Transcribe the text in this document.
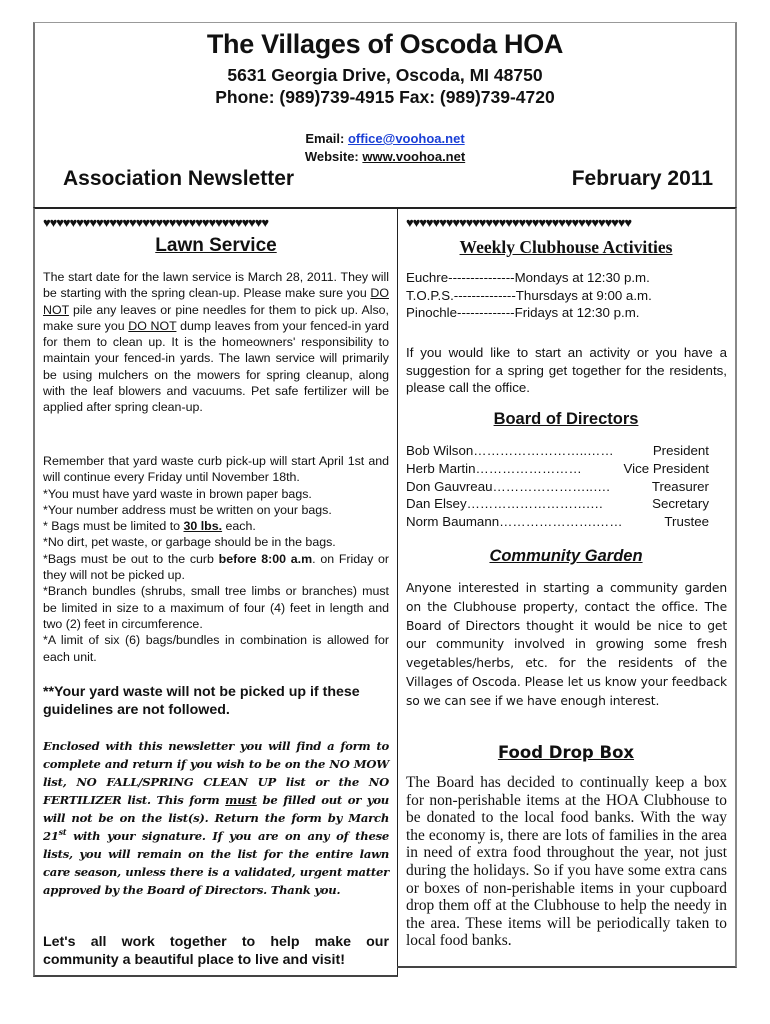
The Villages of Oscoda HOA
5631 Georgia Drive, Oscoda, MI 48750
Phone: (989)739-4915 Fax: (989)739-4720
Email: office@voohoa.net
Website: www.voohoa.net
Association Newsletter	February 2011
♥♥♥♥♥♥♥♥♥♥♥♥♥♥♥♥♥♥♥♥♥♥♥♥♥♥♥♥♥♥♥♥♥♥
Lawn Service
The start date for the lawn service is March 28, 2011. They will be starting with the spring clean-up. Please make sure you DO NOT pile any leaves or pine needles for them to pick up. Also, make sure you DO NOT dump leaves from your fenced-in yard for them to clean up. It is the homeowners' responsibility to maintain your fenced-in yards. The lawn service will primarily be using mulchers on the mowers for spring cleanup, along with the leaf blowers and vacuums. Pet safe fertilizer will be applied after spring clean-up.
Remember that yard waste curb pick-up will start April 1st and will continue every Friday until November 18th.
*You must have yard waste in brown paper bags.
*Your number address must be written on your bags.
* Bags must be limited to 30 lbs. each.
*No dirt, pet waste, or garbage should be in the bags.
*Bags must be out to the curb before 8:00 a.m. on Friday or they will not be picked up.
*Branch bundles (shrubs, small tree limbs or branches) must be limited in size to a maximum of four (4) feet in length and two (2) feet in circumference.
*A limit of six (6) bags/bundles in combination is allowed for each unit.
**Your yard waste will not be picked up if these guidelines are not followed.
Enclosed with this newsletter you will find a form to complete and return if you wish to be on the NO MOW list, NO FALL/SPRING CLEAN UP list or the NO FERTILIZER list. This form must be filled out or you will not be on the list(s). Return the form by March 21st with your signature. If you are on any of these lists, you will remain on the list for the entire lawn care season, unless there is a validated, urgent matter approved by the Board of Directors. Thank you.
Let's all work together to help make our community a beautiful place to live and visit!
♥♥♥♥♥♥♥♥♥♥♥♥♥♥♥♥♥♥♥♥♥♥♥♥♥♥♥♥♥♥♥♥♥♥
Weekly Clubhouse Activities
Euchre---------------Mondays at 12:30 p.m.
T.O.P.S.--------------Thursdays at 9:00 a.m.
Pinochle-------------Fridays at 12:30 p.m.
If you would like to start an activity or you have a suggestion for a spring get together for the residents, please call the office.
Board of Directors
Bob Wilson ……………………..……	President
Herb Martin ……………………	Vice President
Don Gauvreau …………………..….	Treasurer
Dan Elsey ……………………….…	Secretary
Norm Baumann ………………….……	Trustee
Community Garden
Anyone interested in starting a community garden on the Clubhouse property, contact the office. The Board of Directors thought it would be nice to get our community involved in growing some fresh vegetables/herbs, etc. for the residents of the Villages of Oscoda. Please let us know your feedback so we can see if we have enough interest.
Food Drop Box
The Board has decided to continually keep a box for non-perishable items at the HOA Clubhouse to be donated to the local food banks. With the way the economy is, there are lots of families in the area in need of extra food throughout the year, not just during the holidays. So if you have some extra cans or boxes of non-perishable items in your cupboard drop them off at the Clubhouse to help the needy in the area. These items will be periodically taken to local food banks.
